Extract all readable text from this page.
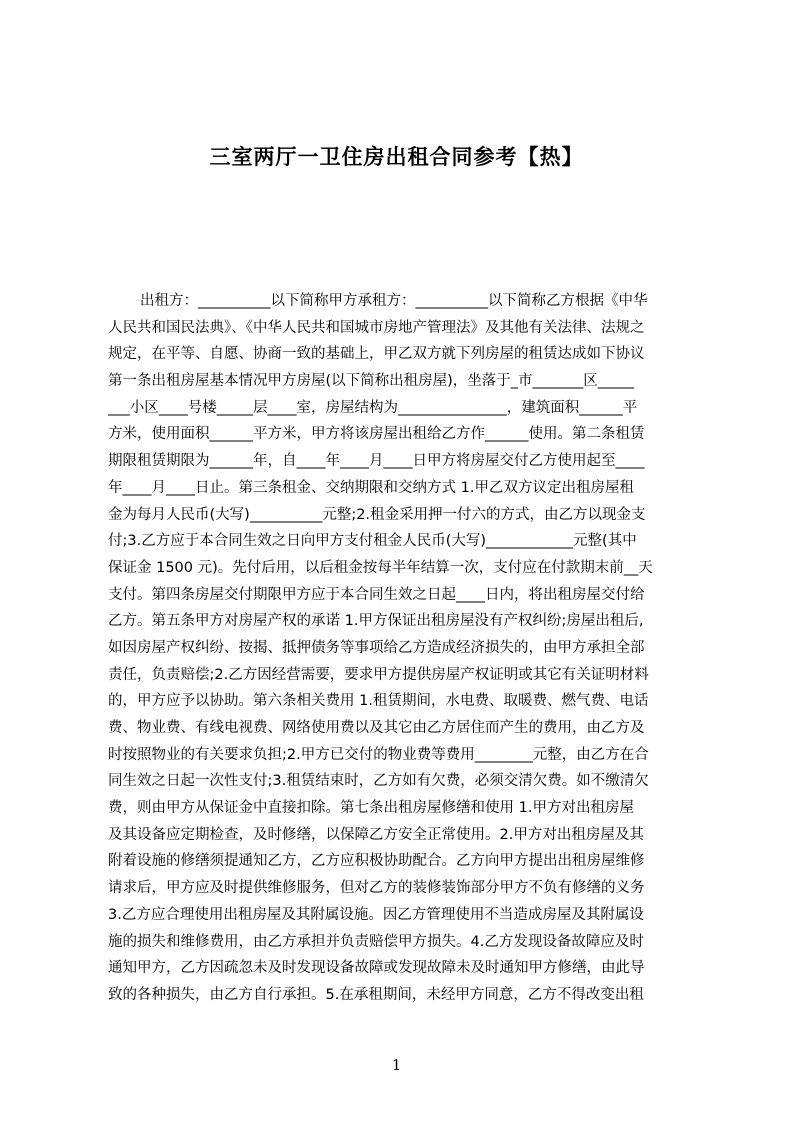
三室两厅一卫住房出租合同参考【热】
出租方：__________以下简称甲方承租方：__________以下简称乙方根据《中华
人民共和国民法典》、《中华人民共和国城市房地产管理法》及其他有关法律、法规之
规定，在平等、自愿、协商一致的基础上，甲乙双方就下列房屋的租赁达成如下协议
第一条出租房屋基本情况甲方房屋(以下简称出租房屋)，坐落于_市_______区_____
___小区____号楼_____层____室，房屋结构为_______________，建筑面积______平
方米，使用面积______平方米，甲方将该房屋出租给乙方作______使用。第二条租赁
期限租赁期限为______年，自____年____月____日甲方将房屋交付乙方使用起至____
年____月____日止。第三条租金、交纳期限和交纳方式 1.甲乙双方议定出租房屋租
金为每月人民币(大写)__________元整;2.租金采用押一付六的方式，由乙方以现金支
付;3.乙方应于本合同生效之日向甲方支付租金人民币(大写)____________元整(其中
保证金 1500 元)。先付后用，以后租金按每半年结算一次，支付应在付款期末前__天
支付。第四条房屋交付期限甲方应于本合同生效之日起____日内，将出租房屋交付给
乙方。第五条甲方对房屋产权的承诺 1.甲方保证出租房屋没有产权纠纷;房屋出租后,
如因房屋产权纠纷、按揭、抵押债务等事项给乙方造成经济损失的，由甲方承担全部
责任，负责赔偿;2.乙方因经营需要，要求甲方提供房屋产权证明或其它有关证明材料
的，甲方应予以协助。第六条相关费用 1.租赁期间，水电费、取暖费、燃气费、电话
费、物业费、有线电视费、网络使用费以及其它由乙方居住而产生的费用，由乙方及
时按照物业的有关要求负担;2.甲方已交付的物业费等费用________元整，由乙方在合
同生效之日起一次性支付;3.租赁结束时，乙方如有欠费，必须交清欠费。如不缴清欠
费，则由甲方从保证金中直接扣除。第七条出租房屋修缮和使用 1.甲方对出租房屋
及其设备应定期检查，及时修缮，以保障乙方安全正常使用。2.甲方对出租房屋及其
附着设施的修缮须提通知乙方，乙方应积极协助配合。乙方向甲方提出出租房屋维修
请求后，甲方应及时提供维修服务，但对乙方的装修装饰部分甲方不负有修缮的义务
3.乙方应合理使用出租房屋及其附属设施。因乙方管理使用不当造成房屋及其附属设
施的损失和维修费用，由乙方承担并负责赔偿甲方损失。4.乙方发现设备故障应及时
通知甲方，乙方因疏忽未及时发现设备故障或发现故障未及时通知甲方修缮，由此导
致的各种损失，由乙方自行承担。5.在承租期间，未经甲方同意，乙方不得改变出租
1
